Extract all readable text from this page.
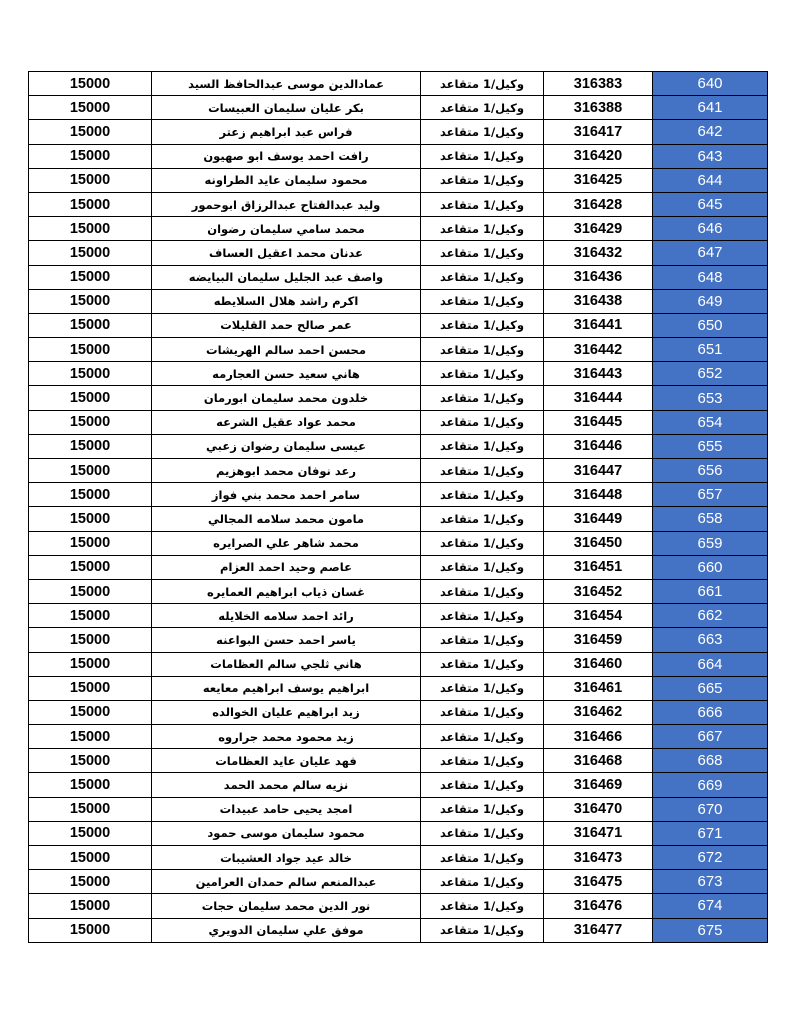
15000	عمادالدين موسى عبدالحافظ السيد	وكيل/1 متقاعد	316383	640
15000	بكر عليان سليمان العبيسات	وكيل/1 متقاعد	316388	641
15000	فراس عبد ابراهيم زعتر	وكيل/1 متقاعد	316417	642
15000	رافت احمد يوسف ابو صهيون	وكيل/1 متقاعد	316420	643
15000	محمود سليمان عايد الطراونه	وكيل/1 متقاعد	316425	644
15000	وليد عبدالفتاح عبدالرزاق ابوحمور	وكيل/1 متقاعد	316428	645
15000	محمد سامي سليمان رضوان	وكيل/1 متقاعد	316429	646
15000	عدنان محمد اعقيل العساف	وكيل/1 متقاعد	316432	647
15000	واصف عبد الجليل سليمان البيايضه	وكيل/1 متقاعد	316436	648
15000	اكرم راشد هلال السلايطه	وكيل/1 متقاعد	316438	649
15000	عمر صالح حمد القليلات	وكيل/1 متقاعد	316441	650
15000	محسن احمد سالم الهريشات	وكيل/1 متقاعد	316442	651
15000	هاني سعيد حسن العجارمه	وكيل/1 متقاعد	316443	652
15000	خلدون محمد سليمان ابورمان	وكيل/1 متقاعد	316444	653
15000	محمد عواد عقيل الشرعه	وكيل/1 متقاعد	316445	654
15000	عيسى سليمان رضوان زعبي	وكيل/1 متقاعد	316446	655
15000	رعد نوفان محمد ابوهزيم	وكيل/1 متقاعد	316447	656
15000	سامر احمد محمد بني فواز	وكيل/1 متقاعد	316448	657
15000	مامون محمد سلامه المجالي	وكيل/1 متقاعد	316449	658
15000	محمد شاهر علي الصرايره	وكيل/1 متقاعد	316450	659
15000	عاصم وحيد احمد العزام	وكيل/1 متقاعد	316451	660
15000	غسان ذياب ابراهيم العمايره	وكيل/1 متقاعد	316452	661
15000	رائد احمد سلامه الخلايله	وكيل/1 متقاعد	316454	662
15000	ياسر احمد حسن البواعنه	وكيل/1 متقاعد	316459	663
15000	هاني ثلجي سالم العظامات	وكيل/1 متقاعد	316460	664
15000	ابراهيم يوسف ابراهيم معايعه	وكيل/1 متقاعد	316461	665
15000	زيد ابراهيم عليان الخوالده	وكيل/1 متقاعد	316462	666
15000	زيد محمود محمد جراروه	وكيل/1 متقاعد	316466	667
15000	فهد عليان عايد العظامات	وكيل/1 متقاعد	316468	668
15000	نزيه سالم محمد الحمد	وكيل/1 متقاعد	316469	669
15000	امجد يحيى حامد عبيدات	وكيل/1 متقاعد	316470	670
15000	محمود سليمان موسى حمود	وكيل/1 متقاعد	316471	671
15000	خالد عيد جواد العشيبات	وكيل/1 متقاعد	316473	672
15000	عبدالمنعم سالم حمدان العرامين	وكيل/1 متقاعد	316475	673
15000	نور الدين محمد سليمان حجات	وكيل/1 متقاعد	316476	674
15000	موفق علي سليمان الدويري	وكيل/1 متقاعد	316477	675
